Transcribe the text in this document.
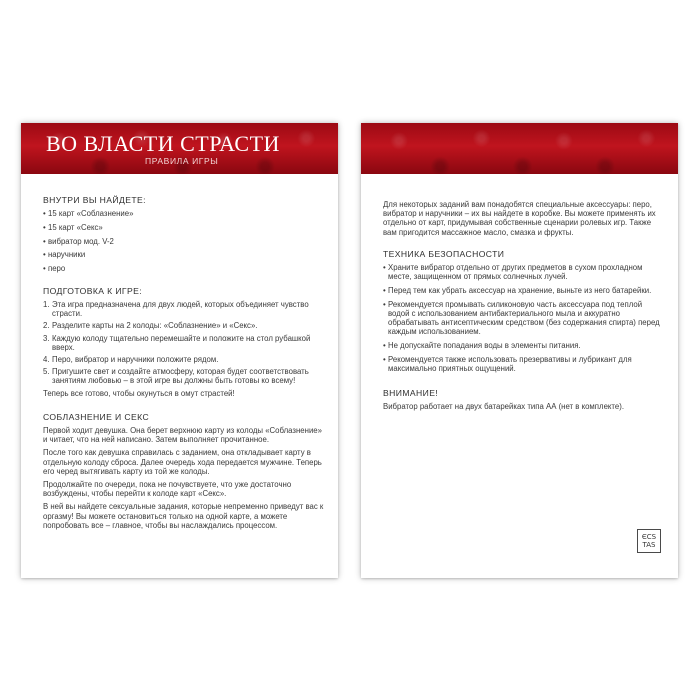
ВО ВЛАСТИ СТРАСТИ
ПРАВИЛА ИГРЫ
ВНУТРИ ВЫ НАЙДЕТЕ:
• 15 карт «Соблазнение»
• 15 карт «Секс»
• вибратор мод. V-2
• наручники
• перо
ПОДГОТОВКА К ИГРЕ:
1. Эта игра предназначена для двух людей, которых объединяет чувство страсти.
2. Разделите карты на 2 колоды: «Соблазнение» и «Секс».
3. Каждую колоду тщательно перемешайте и положите на стол рубашкой вверх.
4. Перо, вибратор и наручники положите рядом.
5. Пригушите свет и создайте атмосферу, которая будет соответствовать занятиям любовью – в этой игре вы должны быть готовы ко всему!

Теперь все готово, чтобы окунуться в омут страстей!

СОБЛАЗНЕНИЕ И СЕКС

Первой ходит девушка. Она берет верхнюю карту из колоды «Соблазнение» и читает, что на ней написано. Затем выполняет прочитанное.

После того как девушка справилась с заданием, она откладывает карту в отдельную колоду сброса. Далее очередь хода передается мужчине. Теперь его черед вытягивать карту из той же колоды.

Продолжайте по очереди, пока не почувствуете, что уже достаточно возбуждены, чтобы перейти к колоде карт «Секс».

В ней вы найдете сексуальные задания, которые непременно приведут вас к оргазму! Вы можете остановиться только на одной карте, а можете попробовать все – главное, чтобы вы наслаждались процессом.

Для некоторых заданий вам понадобятся специальные аксессуары: перо, вибратор и наручники – их вы найдете в коробке. Вы можете применять их отдельно от карт, придумывая собственные сценарии ролевых игр. Также вам пригодится массажное масло, смазка и фрукты.

ТЕХНИКА БЕЗОПАСНОСТИ
• Храните вибратор отдельно от других предметов в сухом прохладном месте, защищенном от прямых солнечных лучей.
• Перед тем как убрать аксессуар на хранение, выньте из него батарейки.
• Рекомендуется промывать силиконовую часть аксессуара под теплой водой с использованием антибактериального мыла и аккуратно обрабатывать антисептическим средством (без содержания спирта) перед каждым использованием.
• Не допускайте попадания воды в элементы питания.
• Рекомендуется также использовать презервативы и лубрикант для максимально приятных ощущений.
ВНИМАНИЕ!

Вибратор работает на двух батарейках типа АА (нет в комплекте).

ЄCS
TAS
